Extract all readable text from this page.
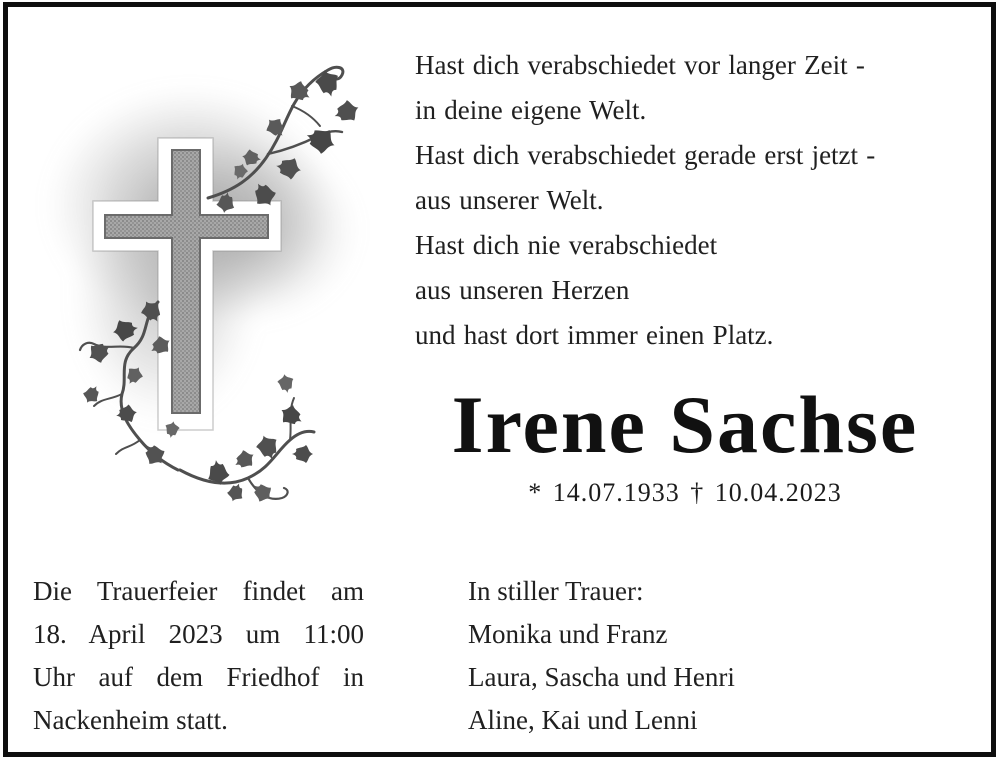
Hast dich verabschiedet vor langer Zeit -
in deine eigene Welt.
Hast dich verabschiedet gerade erst jetzt -
aus unserer Welt.
Hast dich nie verabschiedet
aus unseren Herzen
und hast dort immer einen Platz.
Irene Sachse
* 14.07.1933 † 10.04.2023
Die Trauerfeier findet am
18. April 2023 um 11:00
Uhr auf dem Friedhof in
Nackenheim statt.
In stiller Trauer:
Monika und Franz
Laura, Sascha und Henri
Aline, Kai und Lenni
